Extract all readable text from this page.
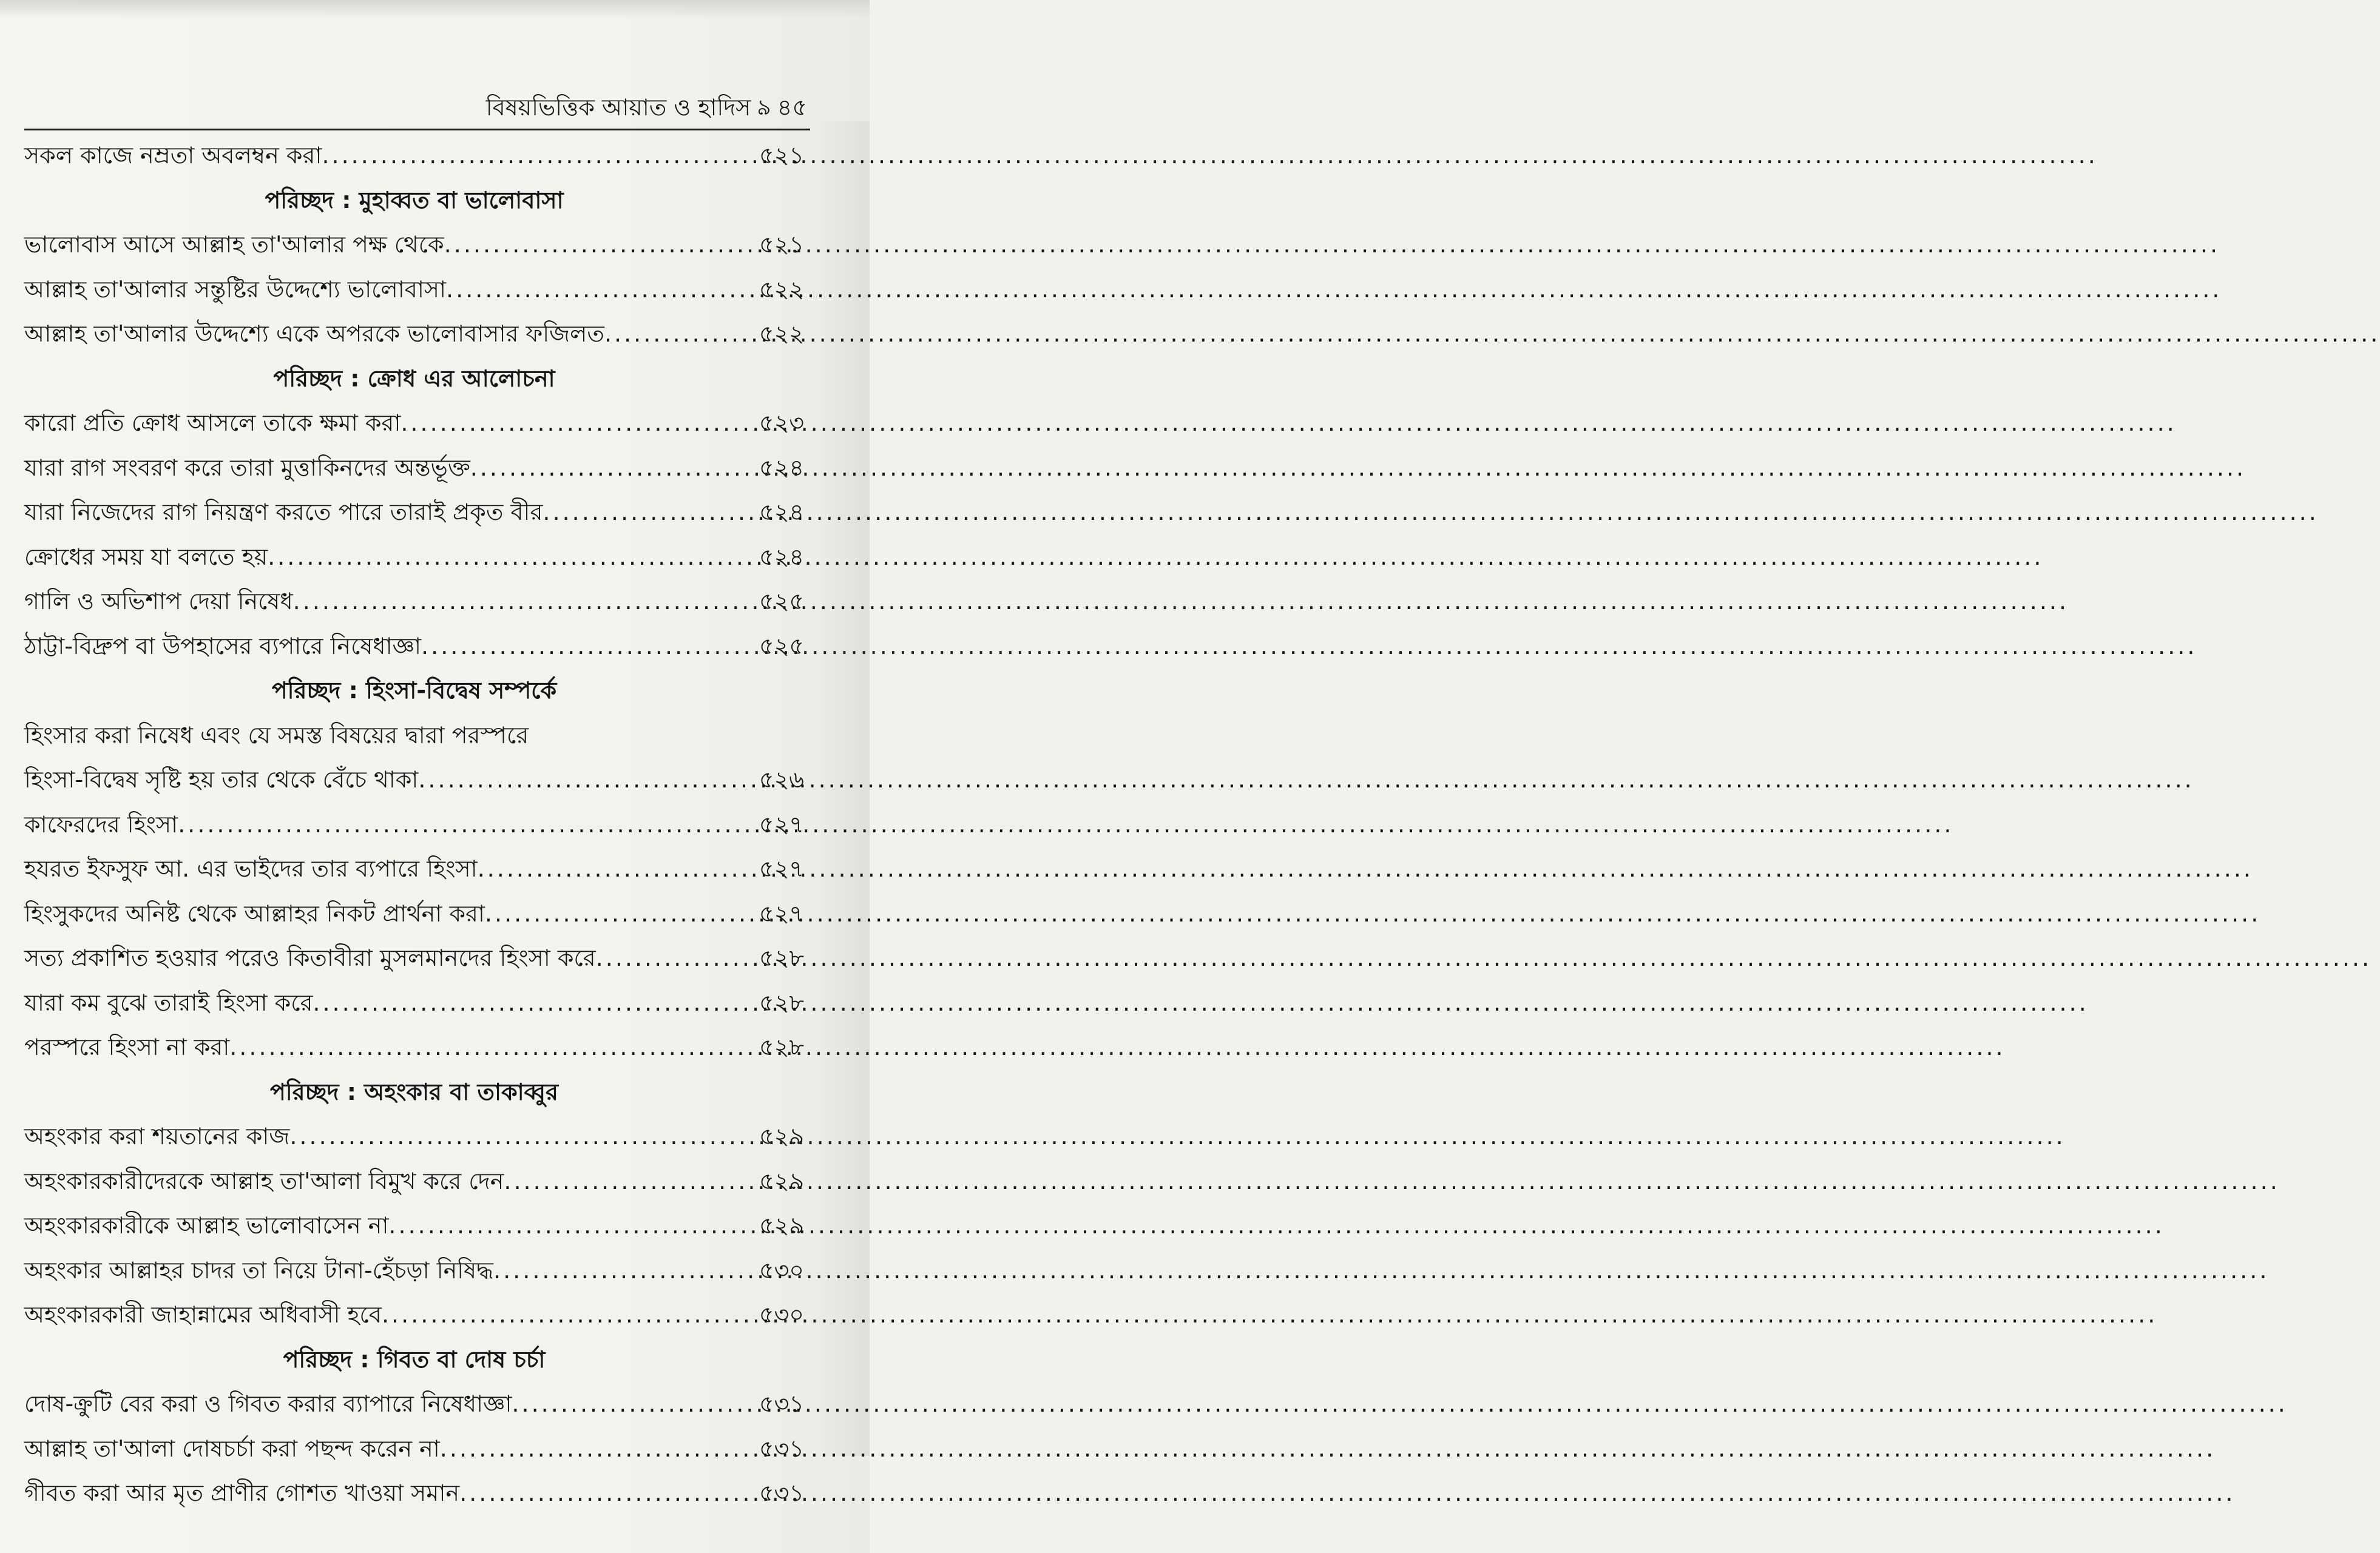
বিষয়ভিত্তিক আয়াত ও হাদিস ৯ ৪৫
সকল কাজে নম্রতা অবলম্বন করা .....	৫২১
পরিচ্ছদ : মুহাব্বত বা ভালোবাসা
ভালোবাস আসে আল্লাহ তা'আলার পক্ষ থেকে .....	৫২১
আল্লাহ তা'আলার সন্তুষ্টির উদ্দেশ্যে ভালোবাসা .....	৫২২
আল্লাহ তা'আলার উদ্দেশ্যে একে অপরকে ভালোবাসার ফজিলত .....	৫২২
পরিচ্ছদ : ক্রোধ এর আলোচনা
কারো প্রতি ক্রোধ আসলে তাকে ক্ষমা করা .....	৫২৩
যারা রাগ সংবরণ করে তারা মুত্তাকিনদের অন্তর্ভূক্ত .....	৫২৪
যারা নিজেদের রাগ নিয়ন্ত্রণ করতে পারে তারাই প্রকৃত বীর .....	৫২৪
ক্রোধের সময় যা বলতে হয় .....	৫২৪
গালি ও অভিশাপ দেয়া নিষেধ .....	৫২৫
ঠাট্টা-বিদ্রুপ বা উপহাসের ব্যপারে নিষেধাজ্ঞা .....	৫২৫
পরিচ্ছদ : হিংসা-বিদ্বেষ সম্পর্কে
হিংসার করা নিষেধ এবং যে সমস্ত বিষয়ের দ্বারা পরস্পরে
হিংসা-বিদ্বেষ সৃষ্টি হয় তার থেকে বেঁচে থাকা .....	৫২৬
কাফেরদের হিংসা .....	৫২৭
হযরত ইফসুফ আ. এর ভাইদের তার ব্যপারে হিংসা .....	৫২৭
হিংসুকদের অনিষ্ট থেকে আল্লাহর নিকট প্রার্থনা করা .....	৫২৭
সত্য প্রকাশিত হওয়ার পরেও কিতাবীরা মুসলমানদের হিংসা করে .....	৫২৮
যারা কম বুঝে তারাই হিংসা করে .....	৫২৮
পরস্পরে হিংসা না করা .....	৫২৮
পরিচ্ছদ : অহংকার বা তাকাব্বুর
অহংকার করা শয়তানের কাজ .....	৫২৯
অহংকারকারীদেরকে আল্লাহ তা'আলা বিমুখ করে দেন .....	৫২৯
অহংকারকারীকে আল্লাহ ভালোবাসেন না .....	৫২৯
অহংকার আল্লাহর চাদর তা নিয়ে টানা-হেঁচড়া নিষিদ্ধ .....	৫৩০
অহংকারকারী জাহান্নামের অধিবাসী হবে .....	৫৩০
পরিচ্ছদ : গিবত বা দোষ চর্চা
দোষ-ক্রুটি বের করা ও গিবত করার ব্যাপারে নিষেধাজ্ঞা .....	৫৩১
আল্লাহ তা'আলা দোষচর্চা করা পছন্দ করেন না .....	৫৩১
গীবত করা আর মৃত প্রাণীর গোশত খাওয়া সমান .....	৫৩১
